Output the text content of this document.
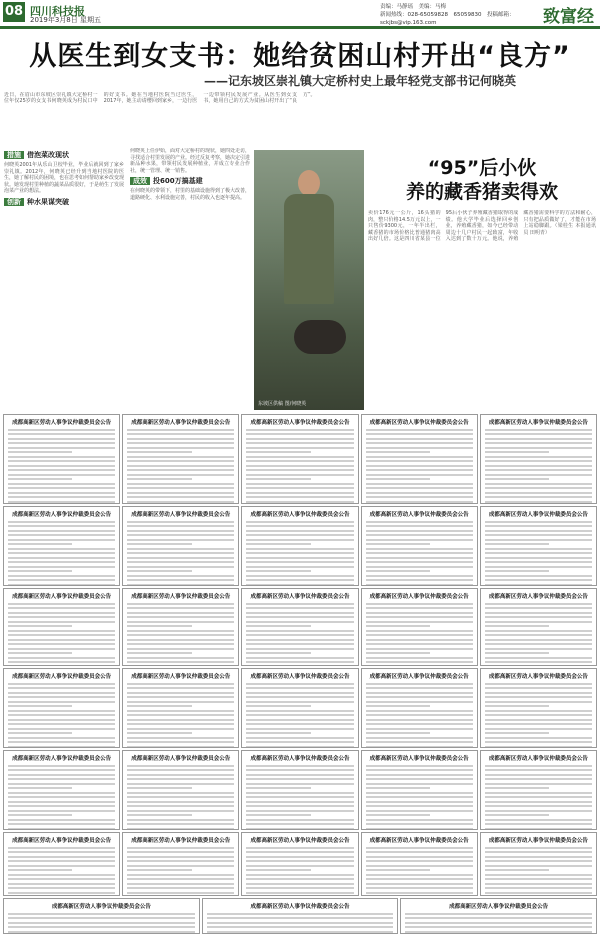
08 四川科技报
2019年3月8日 星期五
责编：马静瑶　美编：马梅
新闻热线：028-65059828　65059830　投稿邮箱：sckjbs@vip.163.com	致富经
从医生到女支书：她给贫困山村开出“良方”
——记东坡区崇礼镇大定桥村史上最年轻党支部书记何晓英
近日，在眉山市东坡区崇礼镇大定桥村一位年仅25岁的女支书何晓英成为村民口中的好支书。她在当地村医院当过医生，2017年，她主动请缨回到家乡，一边行医一边带领村民发展产业。从医生到女支书，她用自己的方式为贫困山村开出了“良方”。
措施 借泡菜改现状
何晓英2001年从乐山卫校毕业，毕业后就回到了家乡崇礼镇。2012年，何晓英已经升到当地村医院的医生，她了解村民的困境，也在思考如何帮助家乡改变现状。她发现村里种植的蔬菜品质很好，于是萌生了发展泡菜产业的想法。
创新 种水果谋突破
何晓英上任伊始，面对大定桥村的现状，她四处走访，寻找适合村里发展的产业。经过反复考察，她决定引进新品种水果，带领村民发展种植业，并成立专业合作社，统一管理、统一销售。
成效 投600万搞基建
在何晓英的带领下，村里的基础设施得到了极大改善，道路硬化、水利设施完善，村民的收入也逐年提高。
东坡区供稿 图/何晓英
“95”后小伙
养的藏香猪卖得欢
卖价176元一公斤，16头猪的肉，整只价格14.5万元以上，一只售价9300元，一年半出栏，藏香猪的市场价格比普通猪肉高出好几倍。这是四川省某县一位95后小伙子养殖藏香猪取得的成绩。他大学毕业后选择回乡创业，养殖藏香猪，如今已经带动周边十几户村民一起致富，年收入达到了数十万元。他说，养殖藏香猪需要科学的方法和耐心，只有把品质做好了，才能在市场上站稳脚跟。（梁桂生 本报通讯员 田明青）
成都高新区劳动人事争议仲裁委员会公告	成都高新区劳动人事争议仲裁委员会公告	成都高新区劳动人事争议仲裁委员会公告	成都高新区劳动人事争议仲裁委员会公告	成都高新区劳动人事争议仲裁委员会公告
成都高新区劳动人事争议仲裁委员会公告	成都高新区劳动人事争议仲裁委员会公告	成都高新区劳动人事争议仲裁委员会公告	成都高新区劳动人事争议仲裁委员会公告	成都高新区劳动人事争议仲裁委员会公告
成都高新区劳动人事争议仲裁委员会公告	成都高新区劳动人事争议仲裁委员会公告	成都高新区劳动人事争议仲裁委员会公告	成都高新区劳动人事争议仲裁委员会公告	成都高新区劳动人事争议仲裁委员会公告
成都高新区劳动人事争议仲裁委员会公告	成都高新区劳动人事争议仲裁委员会公告	成都高新区劳动人事争议仲裁委员会公告	成都高新区劳动人事争议仲裁委员会公告	成都高新区劳动人事争议仲裁委员会公告
成都高新区劳动人事争议仲裁委员会公告	成都高新区劳动人事争议仲裁委员会公告	成都高新区劳动人事争议仲裁委员会公告	成都高新区劳动人事争议仲裁委员会公告	成都高新区劳动人事争议仲裁委员会公告
成都高新区劳动人事争议仲裁委员会公告	成都高新区劳动人事争议仲裁委员会公告	成都高新区劳动人事争议仲裁委员会公告	成都高新区劳动人事争议仲裁委员会公告	成都高新区劳动人事争议仲裁委员会公告
成都高新区劳动人事争议仲裁委员会公告	成都高新区劳动人事争议仲裁委员会公告	成都高新区劳动人事争议仲裁委员会公告
